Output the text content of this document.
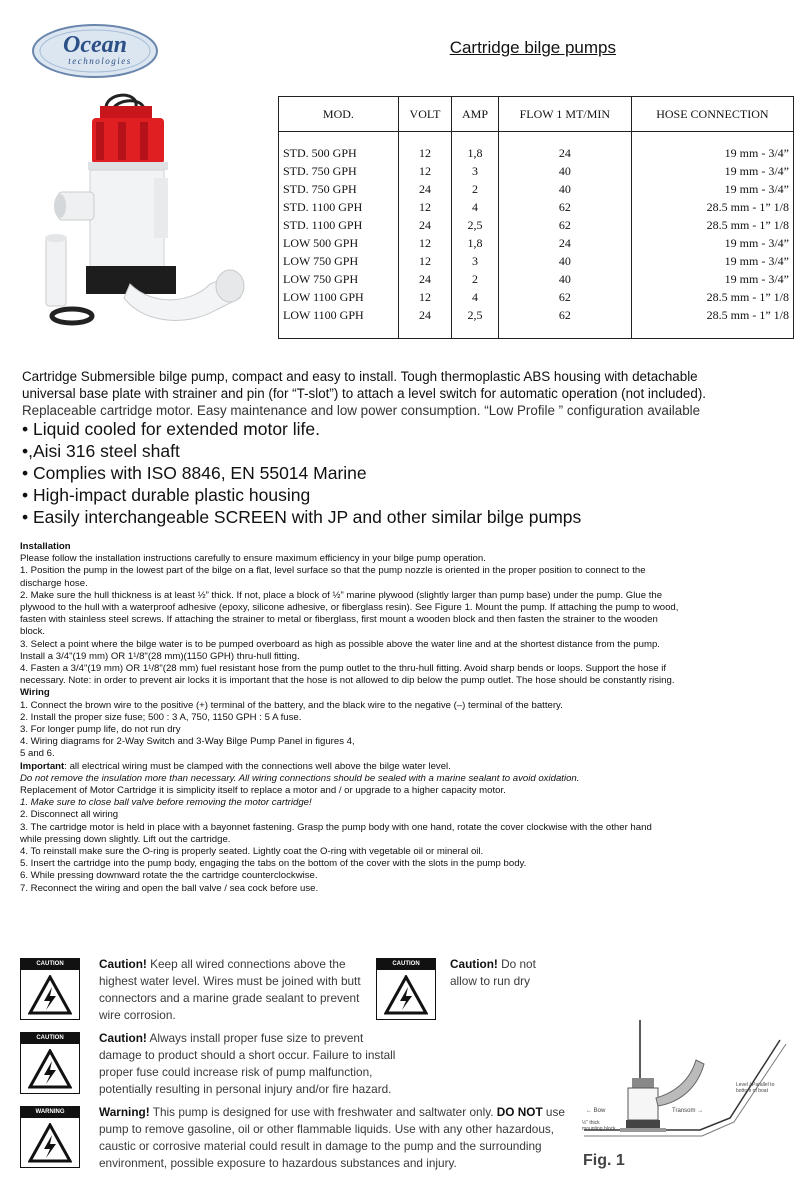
Ocean
technologies
Cartridge bilge pumps
MOD.	VOLT	AMP	FLOW 1 MT/MIN	HOSE CONNECTION
STD. 500 GPH	12	1,8	24	19 mm - 3/4”
STD. 750 GPH	12	3	40	19 mm - 3/4”
STD. 750 GPH	24	2	40	19 mm - 3/4”
STD. 1100 GPH	12	4	62	28.5 mm - 1” 1/8
STD. 1100 GPH	24	2,5	62	28.5 mm - 1” 1/8
LOW 500 GPH	12	1,8	24	19 mm - 3/4”
LOW 750 GPH	12	3	40	19 mm - 3/4”
LOW 750 GPH	24	2	40	19 mm - 3/4”
LOW 1100 GPH	12	4	62	28.5 mm - 1” 1/8
LOW 1100 GPH	24	2,5	62	28.5 mm - 1” 1/8

Cartridge Submersible bilge pump, compact and easy to install. Tough thermoplastic ABS housing with detachable

universal base plate with strainer and pin (for “T-slot”) to attach a level switch for automatic operation (not included).

Replaceable cartridge motor. Easy maintenance and low power consumption. “Low Profile ” configuration available

• Liquid cooled for extended motor life.
•,Aisi 316 steel shaft
• Complies with ISO 8846, EN 55014 Marine
• High-impact durable plastic housing
• Easily interchangeable SCREEN with JP and other similar bilge pumps

Installation

Please follow the installation instructions carefully to ensure maximum efficiency in your bilge pump operation.

1. Position the pump in the lowest part of the bilge on a flat, level surface so that the pump nozzle is oriented in the proper position to connect to the

discharge hose.

2. Make sure the hull thickness is at least ½” thick. If not, place a block of ½” marine plywood (slightly larger than pump base) under the pump. Glue the

plywood to the hull with a waterproof adhesive (epoxy, silicone adhesive, or fiberglass resin). See Figure 1. Mount the pump. If attaching the pump to wood,

fasten with stainless steel screws. If attaching the strainer to metal or fiberglass, first mount a wooden block and then fasten the strainer to the wooden

block.

3. Select a point where the bilge water is to be pumped overboard as high as possible above the water line and at the shortest distance from the pump.

Install a 3/4"(19 mm) OR 1¹/8"(28 mm)(1150 GPH) thru-hull fitting.

4. Fasten a 3/4"(19 mm) OR 1¹/8"(28 mm) fuel resistant hose from the pump outlet to the thru-hull fitting. Avoid sharp bends or loops. Support the hose if

necessary. Note: in order to prevent air locks it is important that the hose is not allowed to dip below the pump outlet. The hose should be constantly rising.

Wiring

1. Connect the brown wire to the positive (+) terminal of the battery, and the black wire to the negative (–) terminal of the battery.

2. Install the proper size fuse; 500 : 3 A, 750, 1150 GPH : 5 A fuse.

3. For longer pump life, do not run dry

4. Wiring diagrams for 2-Way Switch and 3-Way Bilge Pump Panel in figures 4,

5 and 6.

Important: all electrical wiring must be clamped with the connections well above the bilge water level.

Do not remove the insulation more than necessary. All wiring connections should be sealed with a marine sealant to avoid oxidation.

Replacement of Motor Cartridge it is simplicity itself to replace a motor and / or upgrade to a higher capacity motor.

1. Make sure to close ball valve before removing the motor cartridge!

2. Disconnect all wiring

3. The cartridge motor is held in place with a bayonnet fastening. Grasp the pump body with one hand, rotate the cover clockwise with the other hand

while pressing down slightly. Lift out the cartridge.

4. To reinstall make sure the O-ring is properly seated. Lightly coat the O-ring with vegetable oil or mineral oil.

5. Insert the cartridge into the pump body, engaging the tabs on the bottom of the cover with the slots in the pump body.

6. While pressing downward rotate the the cartridge counterclockwise.

7. Reconnect the wiring and open the ball valve / sea cock before use.

CAUTION	Caution! Keep all wired connections above the
highest water level. Wires must be joined with butt
connectors and a marine grade sealant to prevent
wire corrosion.
CAUTION	Caution! Do not
allow to run dry
CAUTION	Caution! Always install proper fuse size to prevent
damage to product should a short occur. Failure to install
proper fuse could increase risk of pump malfunction,
potentially resulting in personal injury and/or fire hazard.
WARNING	Warning! This pump is designed for use with freshwater and saltwater only. DO NOT use
pump to remove gasoline, oil or other flammable liquids. Use with any other hazardous,
caustic or corrosive material could result in damage to the pump and the surrounding
environment, possible exposure to hazardous substances and injury.
← Bow	Transom →
Level / Parallel to
bottom of boat
½" thick
mounting block
Fig. 1
